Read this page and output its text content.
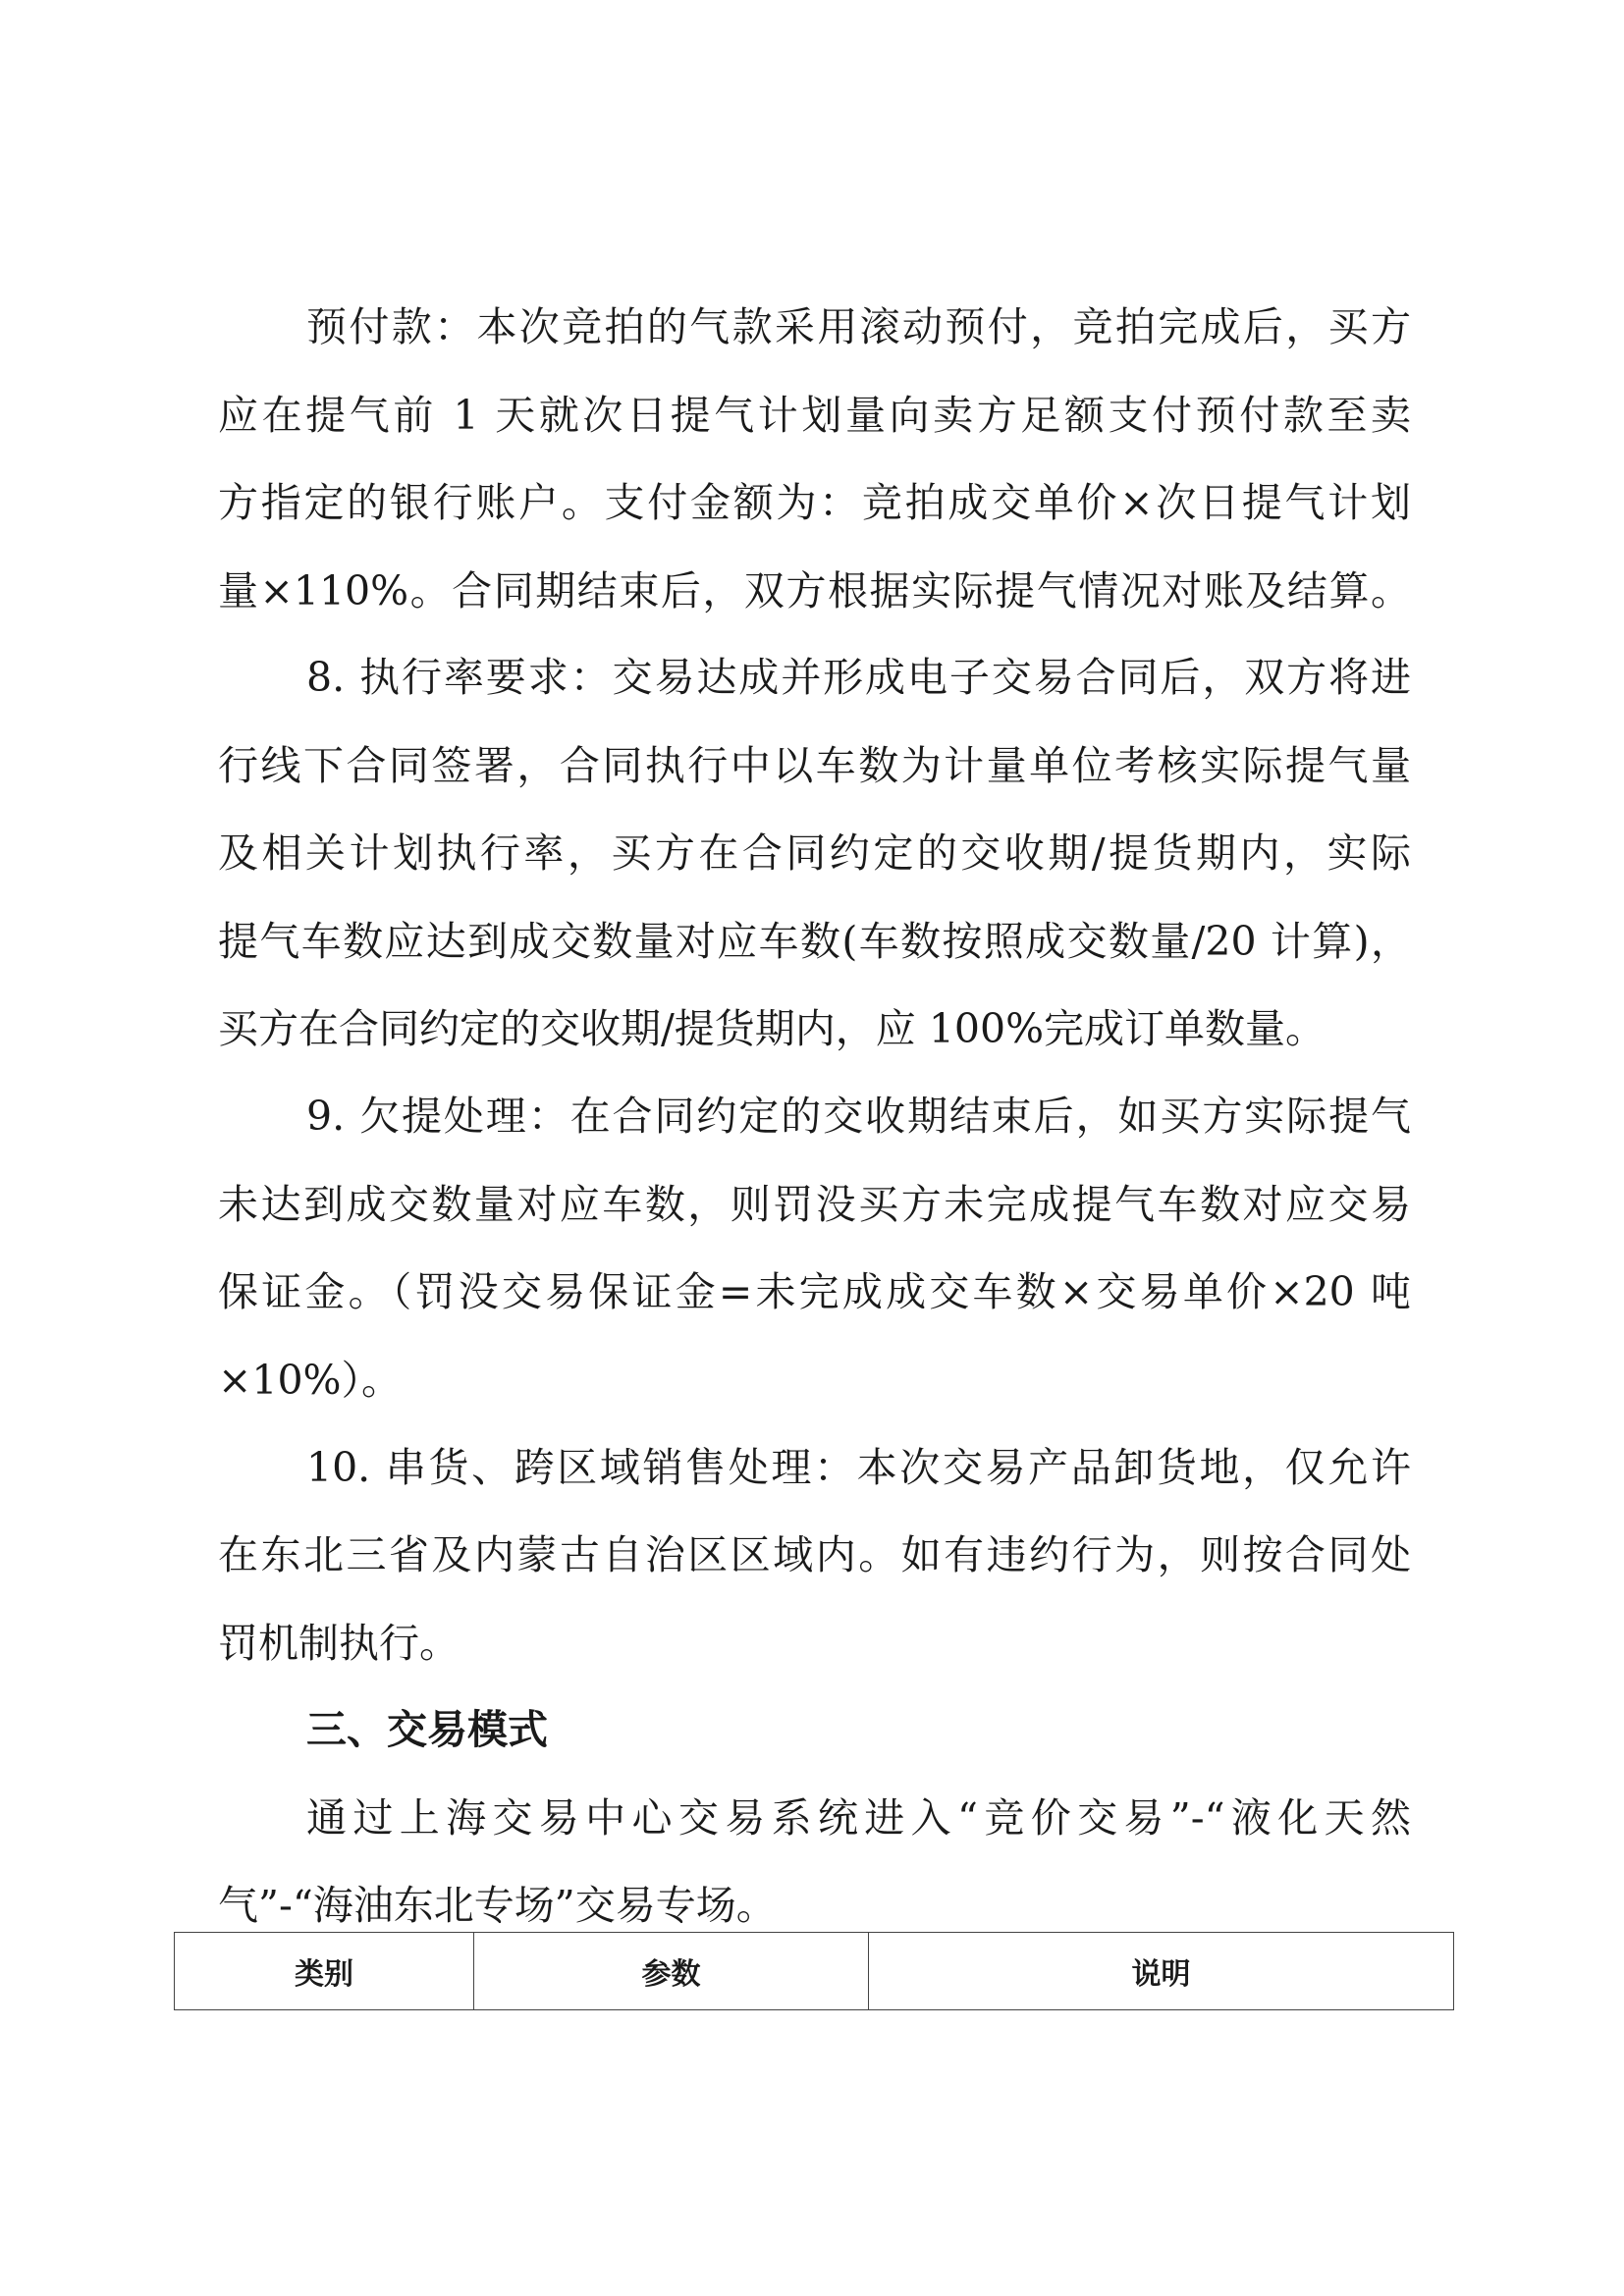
预付款：本次竞拍的气款采用滚动预付，竞拍完成后，买方
应在提气前 1 天就次日提气计划量向卖方足额支付预付款至卖
方指定的银行账户。支付金额为：竞拍成交单价×次日提气计划
量×110%。合同期结束后，双方根据实际提气情况对账及结算。
8. 执行率要求：交易达成并形成电子交易合同后，双方将进
行线下合同签署，合同执行中以车数为计量单位考核实际提气量
及相关计划执行率，买方在合同约定的交收期/提货期内，实际
提气车数应达到成交数量对应车数(车数按照成交数量/20 计算)，
买方在合同约定的交收期/提货期内，应 100%完成订单数量。
9. 欠提处理：在合同约定的交收期结束后，如买方实际提气
未达到成交数量对应车数，则罚没买方未完成提气车数对应交易
保证金。（罚没交易保证金=未完成成交车数×交易单价×20 吨
×10%）。
10. 串货、跨区域销售处理：本次交易产品卸货地，仅允许
在东北三省及内蒙古自治区区域内。如有违约行为，则按合同处
罚机制执行。
三、交易模式
通过上海交易中心交易系统进入“竞价交易”-“液化天然
气”-“海油东北专场”交易专场。
类别	参数	说明
